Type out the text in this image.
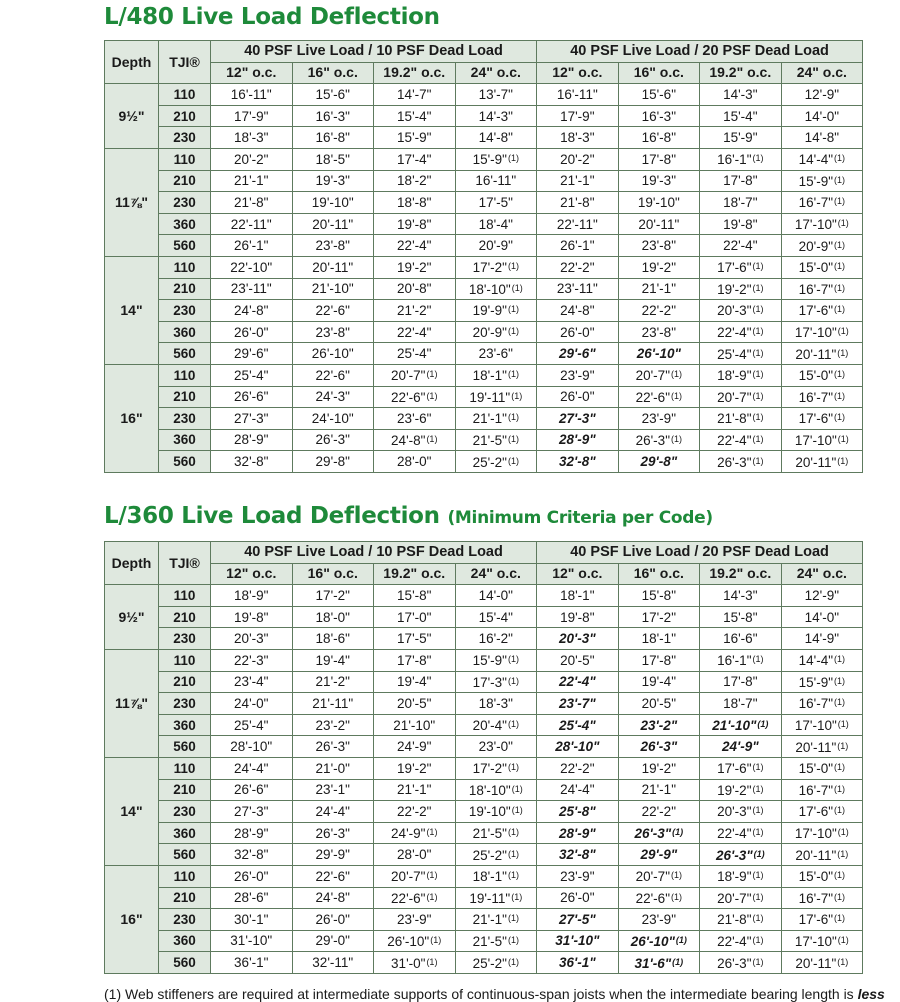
L/480 Live Load Deflection
Depth	TJI®	40 PSF Live Load / 10 PSF Dead Load				40 PSF Live Load / 20 PSF Dead Load			
		12" o.c.	16" o.c.	19.2" o.c.	24" o.c.	12" o.c.	16" o.c.	19.2" o.c.	24" o.c.
9½"	110	16'-11"	15'-6"	14'-7"	13'-7"	16'-11"	15'-6"	14'-3"	12'-9"
	210	17'-9"	16'-3"	15'-4"	14'-3"	17'-9"	16'-3"	15'-4"	14'-0"
	230	18'-3"	16'-8"	15'-9"	14'-8"	18'-3"	16'-8"	15'-9"	14'-8"
11⅞"	110	20'-2"	18'-5"	17'-4"	15'-9"$^{(1)}$	20'-2"	17'-8"	16'-1"$^{(1)}$	14'-4"$^{(1)}$
	210	21'-1"	19'-3"	18'-2"	16'-11"	21'-1"	19'-3"	17'-8"	15'-9"$^{(1)}$
	230	21'-8"	19'-10"	18'-8"	17'-5"	21'-8"	19'-10"	18'-7"	16'-7"$^{(1)}$
	360	22'-11"	20'-11"	19'-8"	18'-4"	22'-11"	20'-11"	19'-8"	17'-10"$^{(1)}$
	560	26'-1"	23'-8"	22'-4"	20'-9"	26'-1"	23'-8"	22'-4"	20'-9"$^{(1)}$
14"	110	22'-10"	20'-11"	19'-2"	17'-2"$^{(1)}$	22'-2"	19'-2"	17'-6"$^{(1)}$	15'-0"$^{(1)}$
	210	23'-11"	21'-10"	20'-8"	18'-10"$^{(1)}$	23'-11"	21'-1"	19'-2"$^{(1)}$	16'-7"$^{(1)}$
	230	24'-8"	22'-6"	21'-2"	19'-9"$^{(1)}$	24'-8"	22'-2"	20'-3"$^{(1)}$	17'-6"$^{(1)}$
	360	26'-0"	23'-8"	22'-4"	20'-9"$^{(1)}$	26'-0"	23'-8"	22'-4"$^{(1)}$	17'-10"$^{(1)}$
	560	29'-6"	26'-10"	25'-4"	23'-6"	29'-6"	26'-10"	25'-4"$^{(1)}$	20'-11"$^{(1)}$
16"	110	25'-4"	22'-6"	20'-7"$^{(1)}$	18'-1"$^{(1)}$	23'-9"	20'-7"$^{(1)}$	18'-9"$^{(1)}$	15'-0"$^{(1)}$
	210	26'-6"	24'-3"	22'-6"$^{(1)}$	19'-11"$^{(1)}$	26'-0"	22'-6"$^{(1)}$	20'-7"$^{(1)}$	16'-7"$^{(1)}$
	230	27'-3"	24'-10"	23'-6"	21'-1"$^{(1)}$	27'-3"	23'-9"	21'-8"$^{(1)}$	17'-6"$^{(1)}$
	360	28'-9"	26'-3"	24'-8"$^{(1)}$	21'-5"$^{(1)}$	28'-9"	26'-3"$^{(1)}$	22'-4"$^{(1)}$	17'-10"$^{(1)}$
	560	32'-8"	29'-8"	28'-0"	25'-2"$^{(1)}$	32'-8"	29'-8"	26'-3"$^{(1)}$	20'-11"$^{(1)}$
L/360 Live Load Deflection (Minimum Criteria per Code)
Depth	TJI®	40 PSF Live Load / 10 PSF Dead Load				40 PSF Live Load / 20 PSF Dead Load			
		12" o.c.	16" o.c.	19.2" o.c.	24" o.c.	12" o.c.	16" o.c.	19.2" o.c.	24" o.c.
9½"	110	18'-9"	17'-2"	15'-8"	14'-0"	18'-1"	15'-8"	14'-3"	12'-9"
	210	19'-8"	18'-0"	17'-0"	15'-4"	19'-8"	17'-2"	15'-8"	14'-0"
	230	20'-3"	18'-6"	17'-5"	16'-2"	20'-3"	18'-1"	16'-6"	14'-9"
11⅞"	110	22'-3"	19'-4"	17'-8"	15'-9"$^{(1)}$	20'-5"	17'-8"	16'-1"$^{(1)}$	14'-4"$^{(1)}$
	210	23'-4"	21'-2"	19'-4"	17'-3"$^{(1)}$	22'-4"	19'-4"	17'-8"	15'-9"$^{(1)}$
	230	24'-0"	21'-11"	20'-5"	18'-3"	23'-7"	20'-5"	18'-7"	16'-7"$^{(1)}$
	360	25'-4"	23'-2"	21'-10"	20'-4"$^{(1)}$	25'-4"	23'-2"	21'-10"$^{(1)}$	17'-10"$^{(1)}$
	560	28'-10"	26'-3"	24'-9"	23'-0"	28'-10"	26'-3"	24'-9"	20'-11"$^{(1)}$
14"	110	24'-4"	21'-0"	19'-2"	17'-2"$^{(1)}$	22'-2"	19'-2"	17'-6"$^{(1)}$	15'-0"$^{(1)}$
	210	26'-6"	23'-1"	21'-1"	18'-10"$^{(1)}$	24'-4"	21'-1"	19'-2"$^{(1)}$	16'-7"$^{(1)}$
	230	27'-3"	24'-4"	22'-2"	19'-10"$^{(1)}$	25'-8"	22'-2"	20'-3"$^{(1)}$	17'-6"$^{(1)}$
	360	28'-9"	26'-3"	24'-9"$^{(1)}$	21'-5"$^{(1)}$	28'-9"	26'-3"$^{(1)}$	22'-4"$^{(1)}$	17'-10"$^{(1)}$
	560	32'-8"	29'-9"	28'-0"	25'-2"$^{(1)}$	32'-8"	29'-9"	26'-3"$^{(1)}$	20'-11"$^{(1)}$
16"	110	26'-0"	22'-6"	20'-7"$^{(1)}$	18'-1"$^{(1)}$	23'-9"	20'-7"$^{(1)}$	18'-9"$^{(1)}$	15'-0"$^{(1)}$
	210	28'-6"	24'-8"	22'-6"$^{(1)}$	19'-11"$^{(1)}$	26'-0"	22'-6"$^{(1)}$	20'-7"$^{(1)}$	16'-7"$^{(1)}$
	230	30'-1"	26'-0"	23'-9"	21'-1"$^{(1)}$	27'-5"	23'-9"	21'-8"$^{(1)}$	17'-6"$^{(1)}$
	360	31'-10"	29'-0"	26'-10"$^{(1)}$	21'-5"$^{(1)}$	31'-10"	26'-10"$^{(1)}$	22'-4"$^{(1)}$	17'-10"$^{(1)}$
	560	36'-1"	32'-11"	31'-0"$^{(1)}$	25'-2"$^{(1)}$	36'-1"	31'-6"$^{(1)}$	26'-3"$^{(1)}$	20'-11"$^{(1)}$
(1) Web stiffeners are required at intermediate supports of continuous-span joists when the intermediate bearing length is less
